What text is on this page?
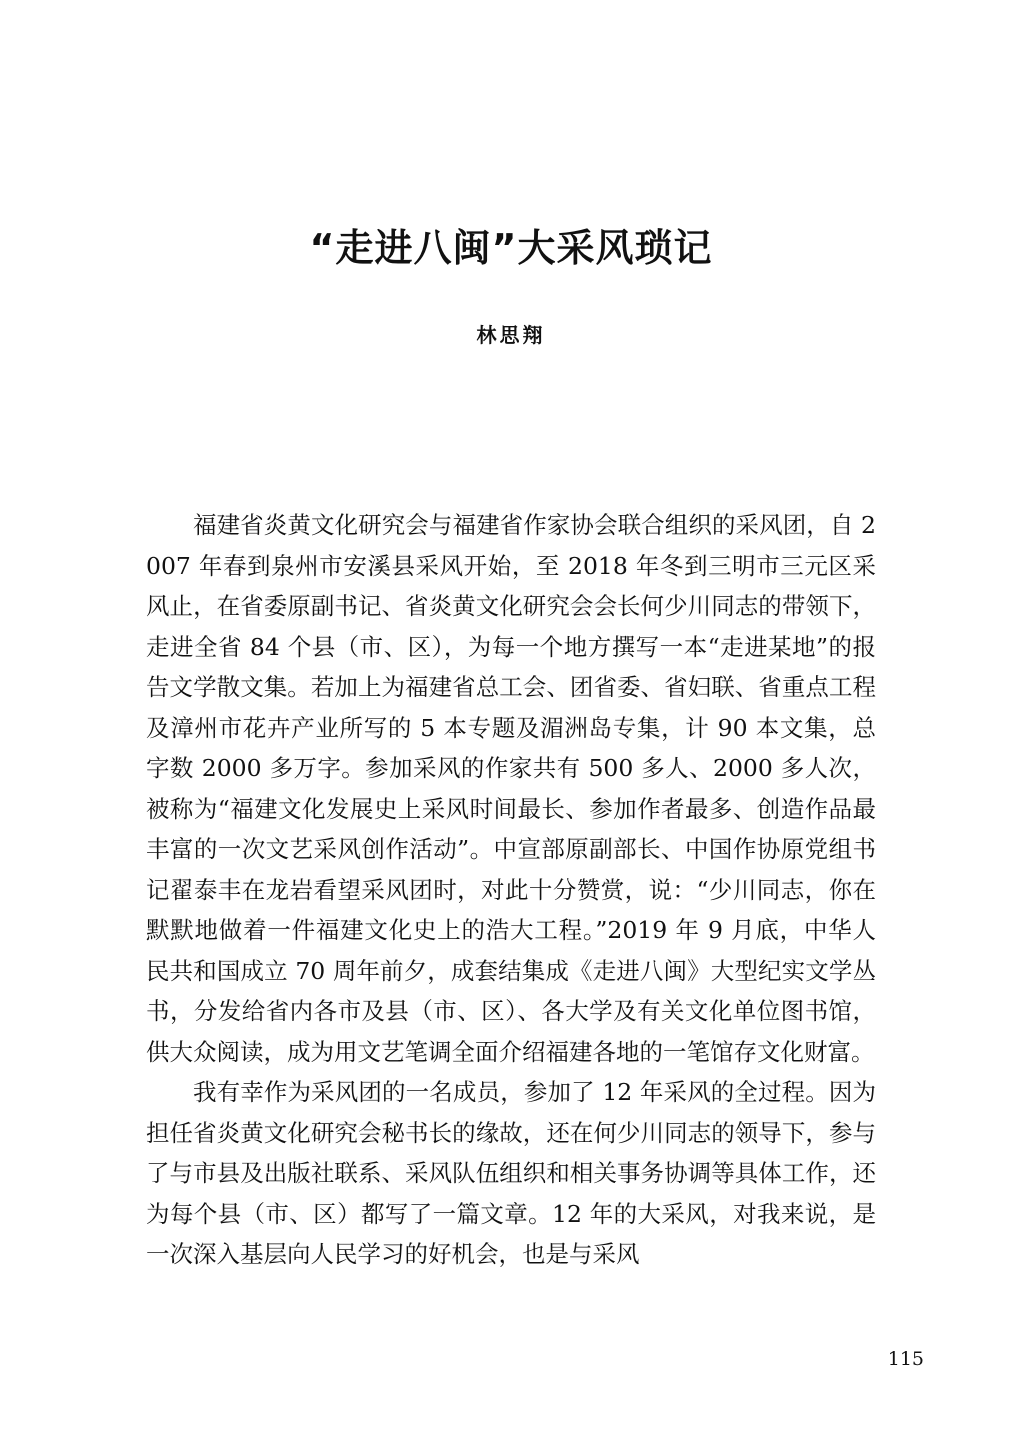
“走进八闽”大采风琐记
林思翔

福建省炎黄文化研究会与福建省作家协会联合组织的采风团，自 2007 年春到泉州市安溪县采风开始，至 2018 年冬到三明市三元区采风止，在省委原副书记、省炎黄文化研究会会长何少川同志的带领下，走进全省 84 个县（市、区），为每一个地方撰写一本“走进某地”的报告文学散文集。若加上为福建省总工会、团省委、省妇联、省重点工程及漳州市花卉产业所写的 5 本专题及湄洲岛专集，计 90 本文集，总字数 2000 多万字。参加采风的作家共有 500 多人、2000 多人次，被称为“福建文化发展史上采风时间最长、参加作者最多、创造作品最丰富的一次文艺采风创作活动”。中宣部原副部长、中国作协原党组书记翟泰丰在龙岩看望采风团时，对此十分赞赏，说：“少川同志，你在默默地做着一件福建文化史上的浩大工程。”2019 年 9 月底，中华人民共和国成立 70 周年前夕，成套结集成《走进八闽》大型纪实文学丛书，分发给省内各市及县（市、区）、各大学及有关文化单位图书馆，供大众阅读，成为用文艺笔调全面介绍福建各地的一笔馆存文化财富。

我有幸作为采风团的一名成员，参加了 12 年采风的全过程。因为担任省炎黄文化研究会秘书长的缘故，还在何少川同志的领导下，参与了与市县及出版社联系、采风队伍组织和相关事务协调等具体工作，还为每个县（市、区）都写了一篇文章。12 年的大采风，对我来说，是一次深入基层向人民学习的好机会，也是与采风

115
